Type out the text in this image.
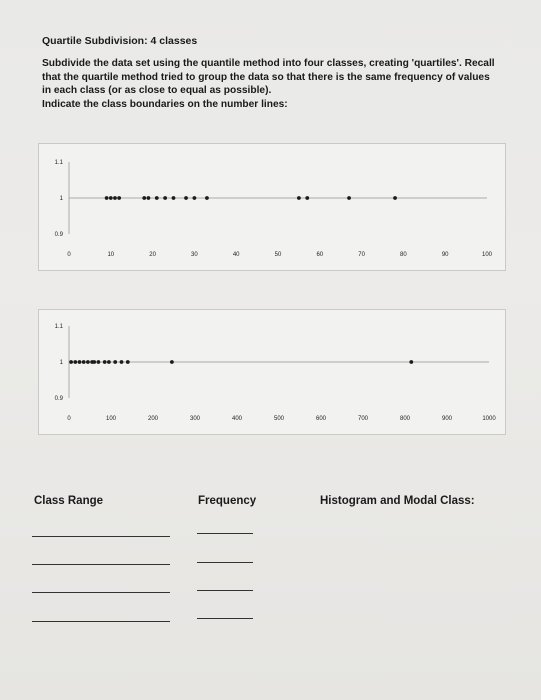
Quartile Subdivision: 4 classes
Subdivide the data set using the quantile method into four classes, creating 'quartiles'. Recall
that the quartile method tried to group the data so that there is the same frequency of values
in each class (or as close to equal as possible).
Indicate the class boundaries on the number lines:
1.1
1
0.9
0	10	20	30	40	50	60	70	80	90	100
1.1
1
0.9
0	100	200	300	400	500	600	700	800	900	1000
Class Range	Frequency	Histogram and Modal Class:
